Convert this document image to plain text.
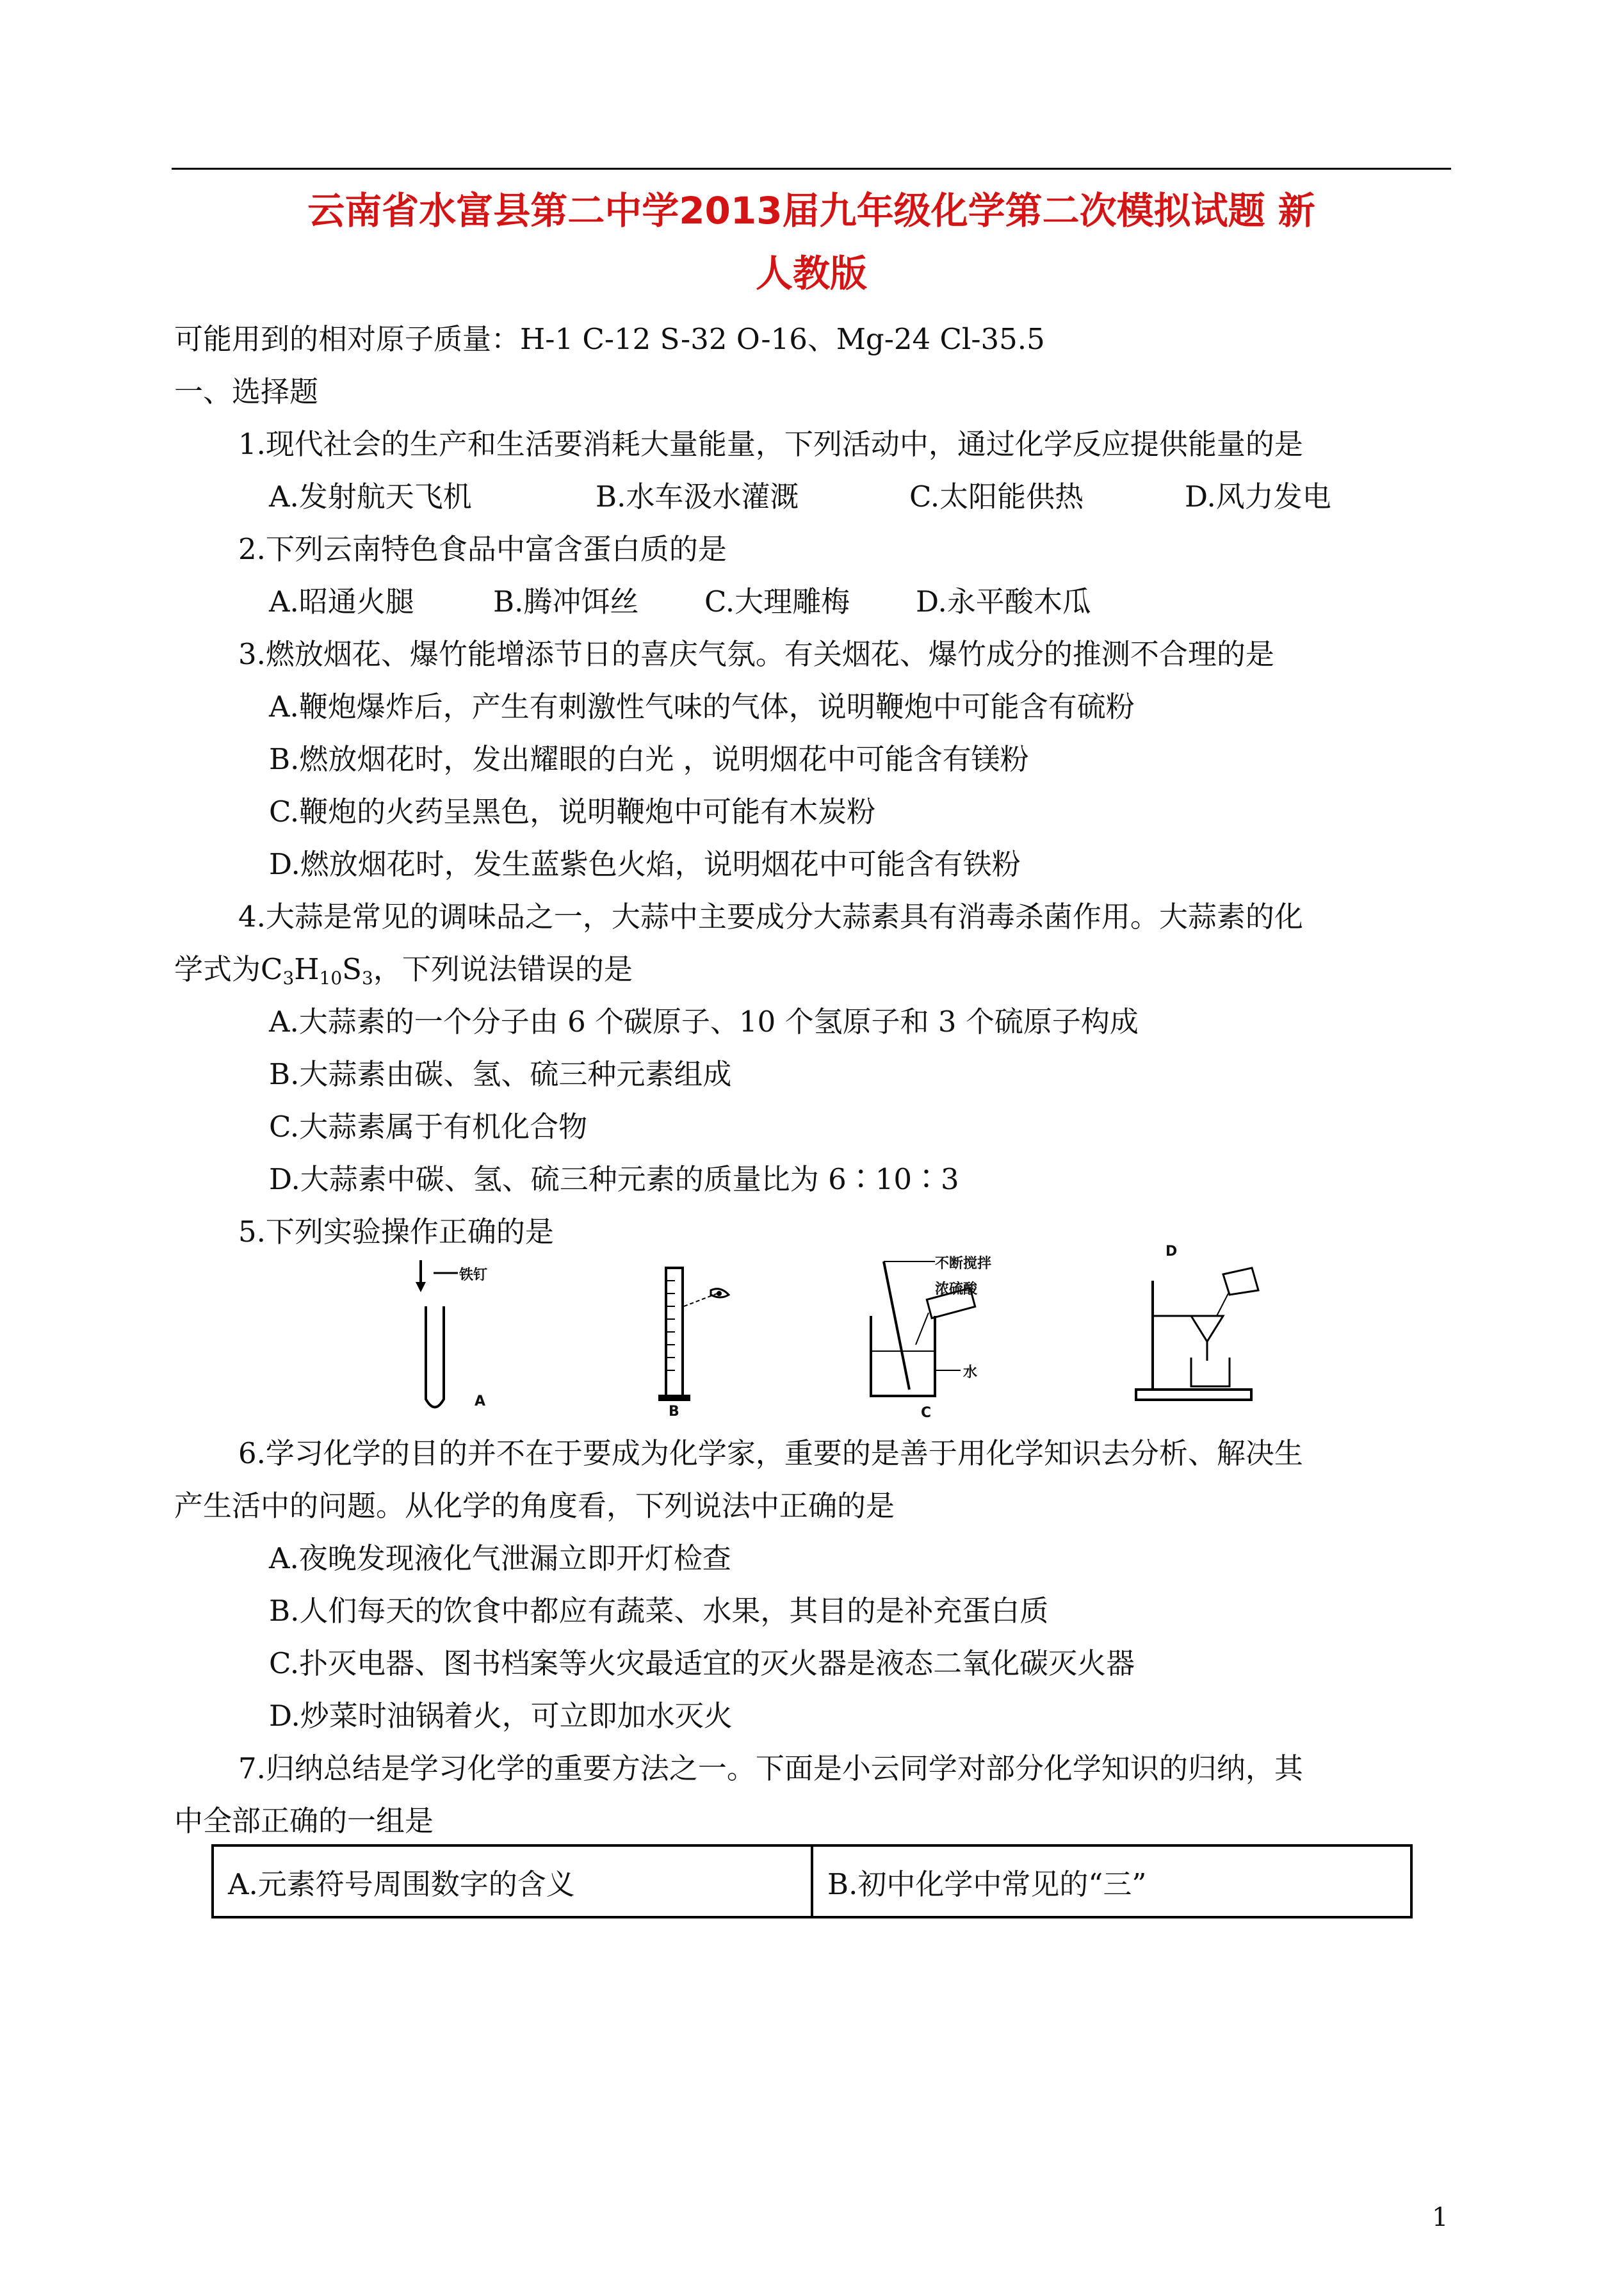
云南省水富县第二中学2013届九年级化学第二次模拟试题 新
人教版
可能用到的相对原子质量：H-1 C-12 S-32 O-16、Mg-24 Cl-35.5
一、选择题
1.现代社会的生产和生活要消耗大量能量，下列活动中，通过化学反应提供能量的是
A.发射航天飞机	B.水车汲水灌溉	C.太阳能供热	D.风力发电
2.下列云南特色食品中富含蛋白质的是
A.昭通火腿	B.腾冲饵丝 C.大理雕梅 D.永平酸木瓜
3.燃放烟花、爆竹能增添节日的喜庆气氛。有关烟花、爆竹成分的推测不合理的是
A.鞭炮爆炸后，产生有刺激性气味的气体，说明鞭炮中可能含有硫粉
B.燃放烟花时，发出耀眼的白光 ，说明烟花中可能含有镁粉
C.鞭炮的火药呈黑色，说明鞭炮中可能有木炭粉
D.燃放烟花时，发生蓝紫色火焰，说明烟花中可能含有铁粉
4.大蒜是常见的调味品之一，大蒜中主要成分大蒜素具有消毒杀菌作用。大蒜素的化
学式为$C_3H_{10}S_3$，下列说法错误的是
A.大蒜素的一个分子由 6 个碳原子、10 个氢原子和 3 个硫原子构成
B.大蒜素由碳、氢、硫三种元素组成
C.大蒜素属于有机化合物
D.大蒜素中碳、氢、硫三种元素的质量比为 6∶10∶3
5.下列实验操作正确的是
铁钉
A
B
不断搅拌
浓硫酸
水
C
D
6.学习化学的目的并不在于要成为化学家，重要的是善于用化学知识去分析、解决生
产生活中的问题。从化学的角度看，下列说法中正确的是
A.夜晚发现液化气泄漏立即开灯检查
B.人们每天的饮食中都应有蔬菜、水果，其目的是补充蛋白质
C.扑灭电器、图书档案等火灾最适宜的灭火器是液态二氧化碳灭火器
D.炒菜时油锅着火，可立即加水灭火
7.归纳总结是学习化学的重要方法之一。下面是小云同学对部分化学知识的归纳，其
中全部正确的一组是
A.元素符号周围数字的含义	B.初中化学中常见的“三”
1
